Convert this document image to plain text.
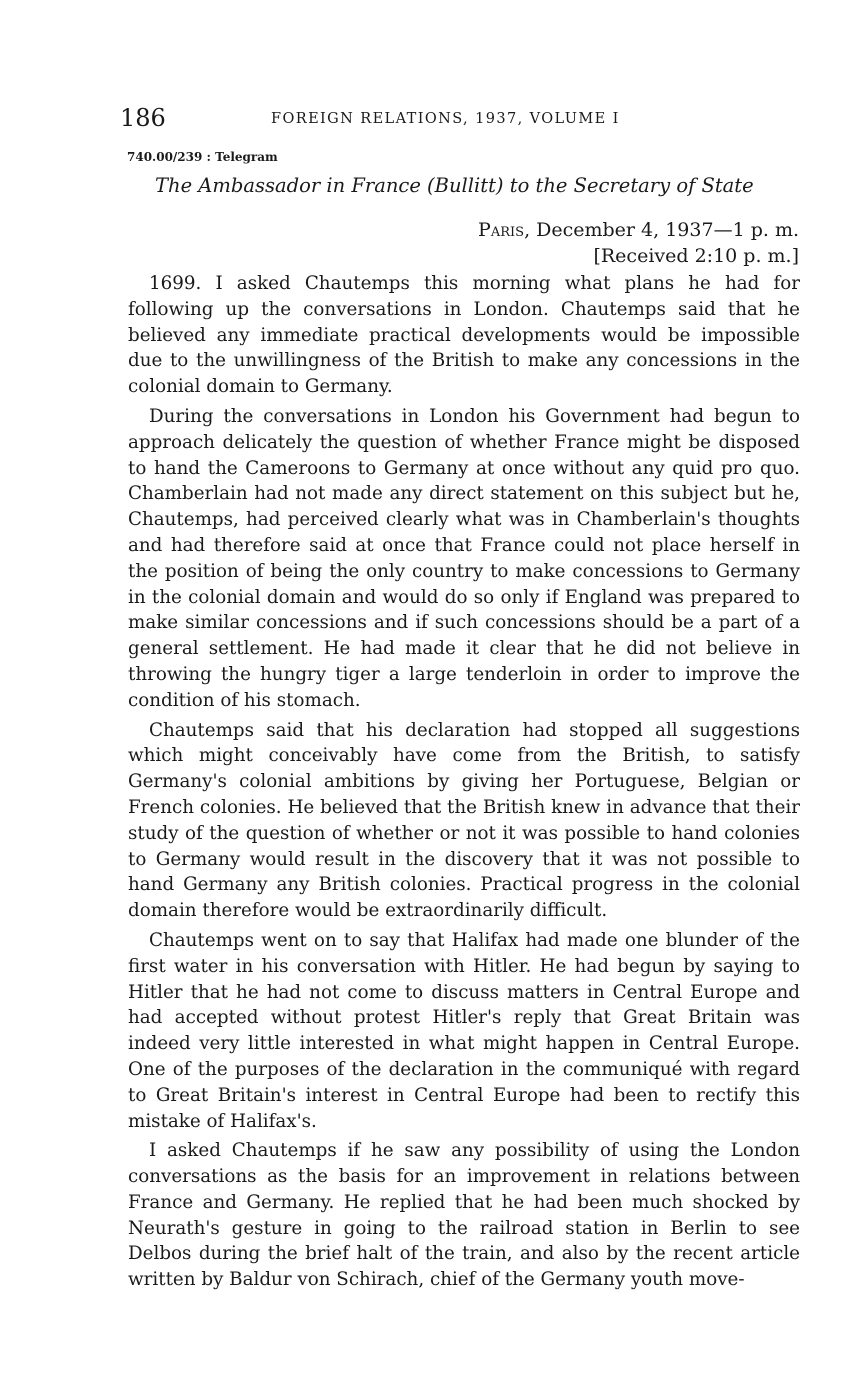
186	FOREIGN RELATIONS, 1937, VOLUME I
740.00/239 : Telegram
The Ambassador in France (Bullitt) to the Secretary of State
Paris, December 4, 1937—1 p. m.
[Received 2:10 p. m.]

1699. I asked Chautemps this morning what plans he had for following up the conversations in London. Chautemps said that he believed any immediate practical developments would be impossible due to the unwillingness of the British to make any concessions in the colonial domain to Germany.

During the conversations in London his Government had begun to approach delicately the question of whether France might be disposed to hand the Cameroons to Germany at once without any quid pro quo. Chamberlain had not made any direct statement on this subject but he, Chautemps, had perceived clearly what was in Chamberlain's thoughts and had therefore said at once that France could not place herself in the position of being the only country to make concessions to Germany in the colonial domain and would do so only if England was prepared to make similar concessions and if such concessions should be a part of a general settlement. He had made it clear that he did not believe in throwing the hungry tiger a large tenderloin in order to improve the condition of his stomach.

Chautemps said that his declaration had stopped all suggestions which might conceivably have come from the British, to satisfy Germany's colonial ambitions by giving her Portuguese, Belgian or French colonies. He believed that the British knew in advance that their study of the question of whether or not it was possible to hand colonies to Germany would result in the discovery that it was not possible to hand Germany any British colonies. Practical progress in the colonial domain therefore would be extraordinarily difficult.

Chautemps went on to say that Halifax had made one blunder of the first water in his conversation with Hitler. He had begun by saying to Hitler that he had not come to discuss matters in Central Europe and had accepted without protest Hitler's reply that Great Britain was indeed very little interested in what might happen in Central Europe. One of the purposes of the declaration in the communiqué with regard to Great Britain's interest in Central Europe had been to rectify this mistake of Halifax's.

I asked Chautemps if he saw any possibility of using the London conversations as the basis for an improvement in relations between France and Germany. He replied that he had been much shocked by Neurath's gesture in going to the railroad station in Berlin to see Delbos during the brief halt of the train, and also by the recent article written by Baldur von Schirach, chief of the Germany youth move-
